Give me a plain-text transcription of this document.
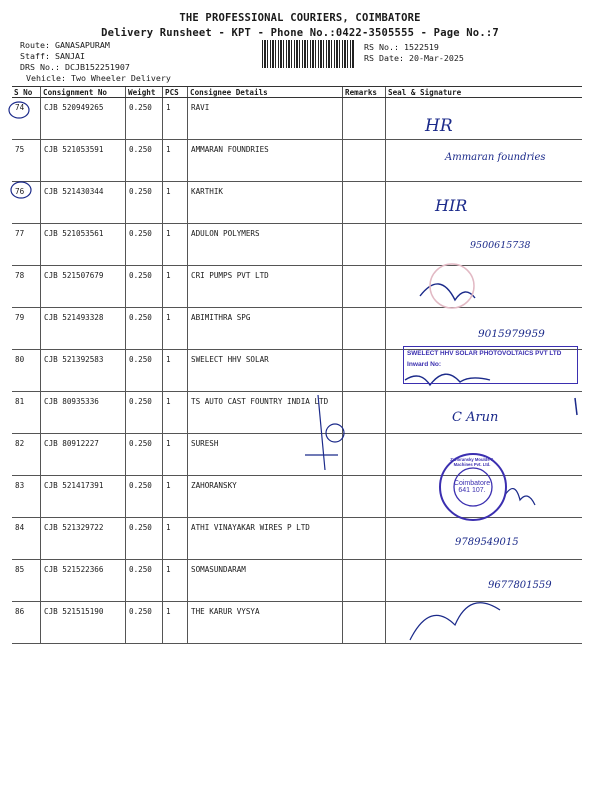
THE PROFESSIONAL COURIERS, COIMBATORE
Delivery Runsheet - KPT - Phone No.:0422-3505555 - Page No.:7
Route: GANASAPURAM
Staff: SANJAI
DRS No.: DCJB152251907
Vehicle: Two Wheeler Delivery
RS No.: 1522519
RS Date: 20-Mar-2025
S No	Consignment No	Weight	PCS	Consignee Details	Remarks	Seal & Signature
74	CJB 520949265	0.250	1	RAVI		
75	CJB 521053591	0.250	1	AMMARAN FOUNDRIES		
76	CJB 521430344	0.250	1	KARTHIK		
77	CJB 521053561	0.250	1	ADULON POLYMERS		
78	CJB 521507679	0.250	1	CRI PUMPS PVT LTD		
79	CJB 521493328	0.250	1	ABIMITHRA SPG		
80	CJB 521392583	0.250	1	SWELECT HHV SOLAR		
81	CJB 80935336	0.250	1	TS AUTO CAST FOUNTRY INDIA LTD		
82	CJB 80912227	0.250	1	SURESH		
83	CJB 521417391	0.250	1	ZAHORANSKY		
84	CJB 521329722	0.250	1	ATHI VINAYAKAR WIRES P LTD		
85	CJB 521522366	0.250	1	SOMASUNDARAM		
86	CJB 521515190	0.250	1	THE KARUR VYSYA		
HR
Ammaran foundries
HIR
9500615738
9015979959
C Arun
9789549015
9677801559
SWELECT HHV SOLAR PHOTOVOLTAICS PVT LTD
Inward No:
Zahoransky Moulds & Machines Pvt. Ltd.
Coimbatore
641 107.
